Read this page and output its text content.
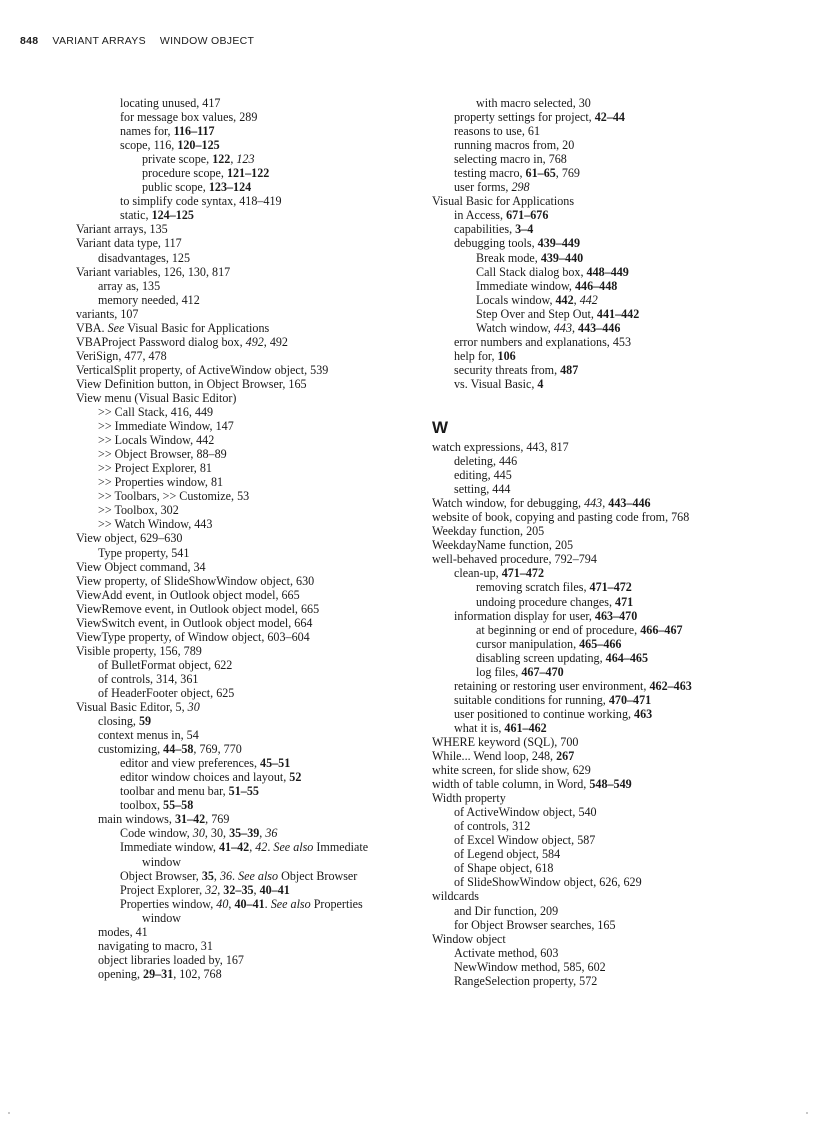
848 VARIANT ARRAYS WINDOW OBJECT
locating unused, 417
for message box values, 289
names for, 116–117
scope, 116, 120–125
private scope, 122, 123
procedure scope, 121–122
public scope, 123–124
to simplify code syntax, 418–419
static, 124–125
Variant arrays, 135
Variant data type, 117
disadvantages, 125
Variant variables, 126, 130, 817
array as, 135
memory needed, 412
variants, 107
VBA. See Visual Basic for Applications
VBAProject Password dialog box, 492, 492
VeriSign, 477, 478
VerticalSplit property, of ActiveWindow object, 539
View Definition button, in Object Browser, 165
View menu (Visual Basic Editor)
>> Call Stack, 416, 449
>> Immediate Window, 147
>> Locals Window, 442
>> Object Browser, 88–89
>> Project Explorer, 81
>> Properties window, 81
>> Toolbars, >> Customize, 53
>> Toolbox, 302
>> Watch Window, 443
View object, 629–630
Type property, 541
View Object command, 34
View property, of SlideShowWindow object, 630
ViewAdd event, in Outlook object model, 665
ViewRemove event, in Outlook object model, 665
ViewSwitch event, in Outlook object model, 664
ViewType property, of Window object, 603–604
Visible property, 156, 789
of BulletFormat object, 622
of controls, 314, 361
of HeaderFooter object, 625
Visual Basic Editor, 5, 30
closing, 59
context menus in, 54
customizing, 44–58, 769, 770
editor and view preferences, 45–51
editor window choices and layout, 52
toolbar and menu bar, 51–55
toolbox, 55–58
main windows, 31–42, 769
Code window, 30, 30, 35–39, 36
Immediate window, 41–42, 42. See also Immediate
window
Object Browser, 35, 36. See also Object Browser
Project Explorer, 32, 32–35, 40–41
Properties window, 40, 40–41. See also Properties
window
modes, 41
navigating to macro, 31
object libraries loaded by, 167
opening, 29–31, 102, 768
with macro selected, 30
property settings for project, 42–44
reasons to use, 61
running macros from, 20
selecting macro in, 768
testing macro, 61–65, 769
user forms, 298
Visual Basic for Applications
in Access, 671–676
capabilities, 3–4
debugging tools, 439–449
Break mode, 439–440
Call Stack dialog box, 448–449
Immediate window, 446–448
Locals window, 442, 442
Step Over and Step Out, 441–442
Watch window, 443, 443–446
error numbers and explanations, 453
help for, 106
security threats from, 487
vs. Visual Basic, 4
W
watch expressions, 443, 817
deleting, 446
editing, 445
setting, 444
Watch window, for debugging, 443, 443–446
website of book, copying and pasting code from, 768
Weekday function, 205
WeekdayName function, 205
well-behaved procedure, 792–794
clean-up, 471–472
removing scratch files, 471–472
undoing procedure changes, 471
information display for user, 463–470
at beginning or end of procedure, 466–467
cursor manipulation, 465–466
disabling screen updating, 464–465
log files, 467–470
retaining or restoring user environment, 462–463
suitable conditions for running, 470–471
user positioned to continue working, 463
what it is, 461–462
WHERE keyword (SQL), 700
While... Wend loop, 248, 267
white screen, for slide show, 629
width of table column, in Word, 548–549
Width property
of ActiveWindow object, 540
of controls, 312
of Excel Window object, 587
of Legend object, 584
of Shape object, 618
of SlideShowWindow object, 626, 629
wildcards
and Dir function, 209
for Object Browser searches, 165
Window object
Activate method, 603
NewWindow method, 585, 602
RangeSelection property, 572
